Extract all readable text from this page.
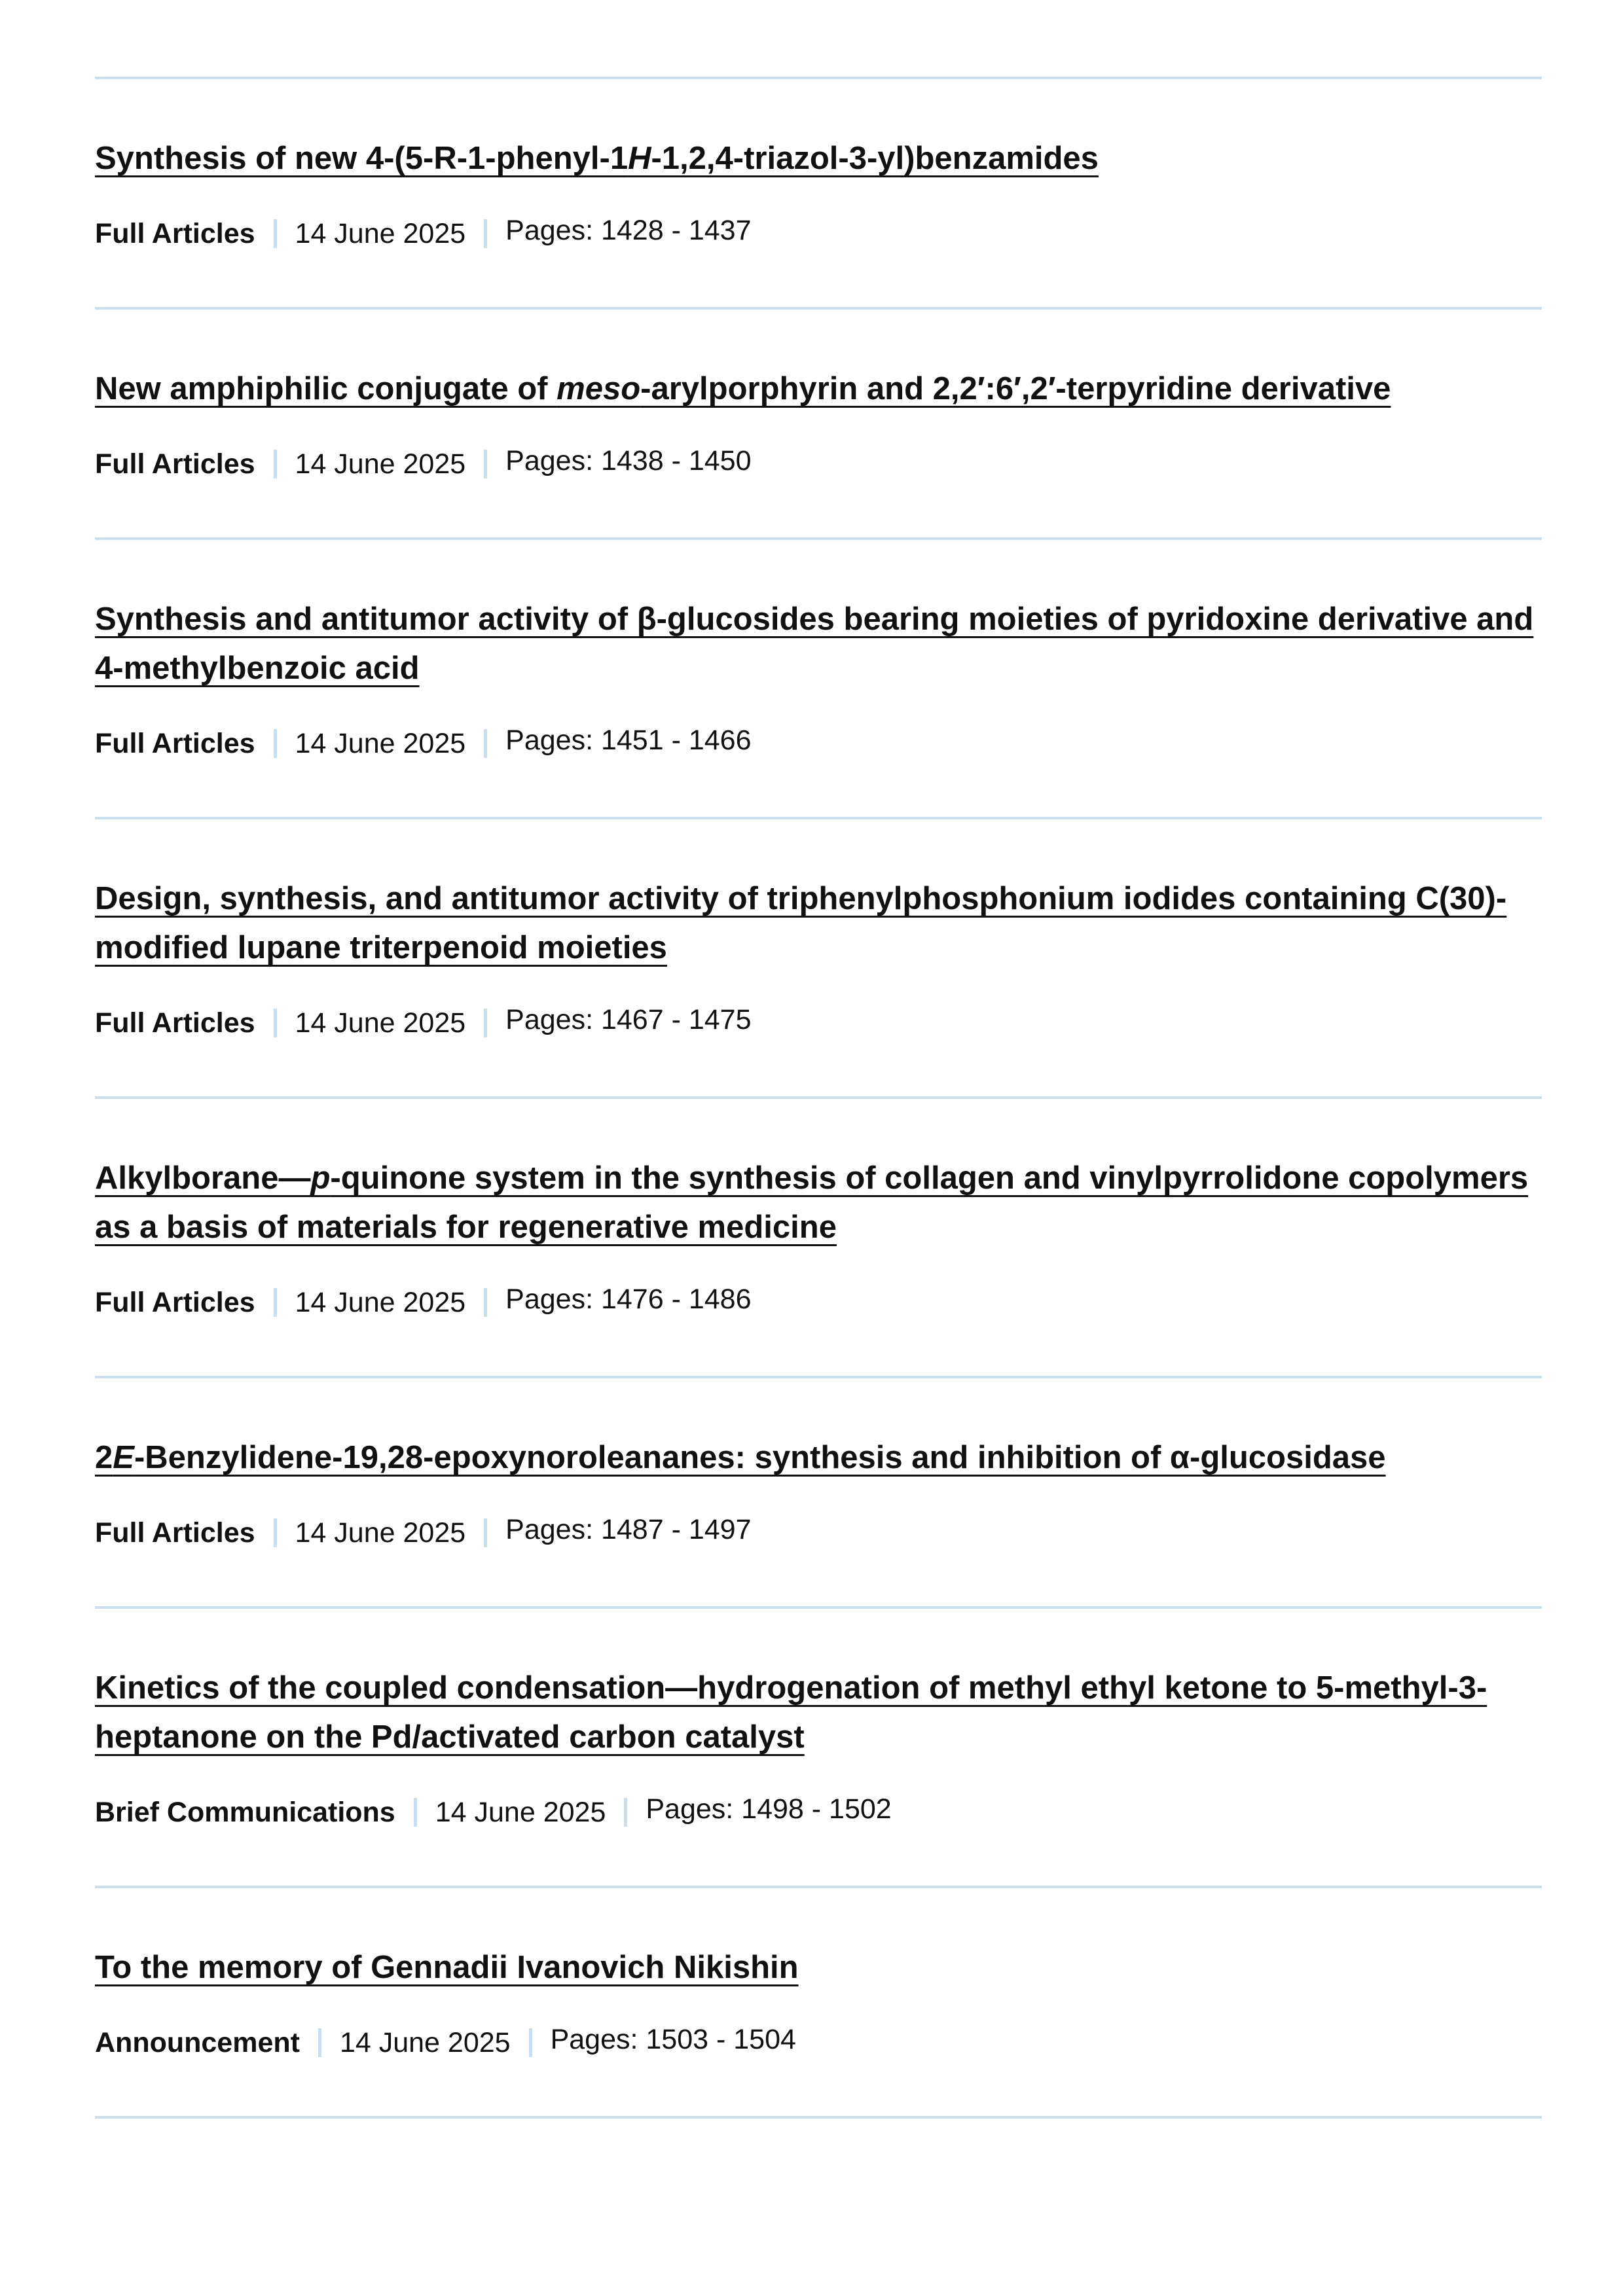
Synthesis of new 4-(5-R-1-phenyl-1H-1,2,4-triazol-3-yl)benzamides
Full Articles 14 June 2025 Pages: 1428 - 1437
New amphiphilic conjugate of meso-arylporphyrin and 2,2′:6′,2′-terpyridine derivative
Full Articles 14 June 2025 Pages: 1438 - 1450
Synthesis and antitumor activity of β-glucosides bearing moieties of pyridoxine derivative and 4-methylbenzoic acid
Full Articles 14 June 2025 Pages: 1451 - 1466
Design, synthesis, and antitumor activity of triphenylphosphonium iodides containing C(30)-modified lupane triterpenoid moieties
Full Articles 14 June 2025 Pages: 1467 - 1475
Alkylborane—p-quinone system in the synthesis of collagen and vinylpyrrolidone copolymers as a basis of materials for regenerative medicine
Full Articles 14 June 2025 Pages: 1476 - 1486
2E-Benzylidene-19,28-epoxynoroleananes: synthesis and inhibition of α-glucosidase
Full Articles 14 June 2025 Pages: 1487 - 1497
Kinetics of the coupled condensation—hydrogenation of methyl ethyl ketone to 5-methyl-3-heptanone on the Pd/activated carbon catalyst
Brief Communications 14 June 2025 Pages: 1498 - 1502
To the memory of Gennadii Ivanovich Nikishin
Announcement 14 June 2025 Pages: 1503 - 1504
